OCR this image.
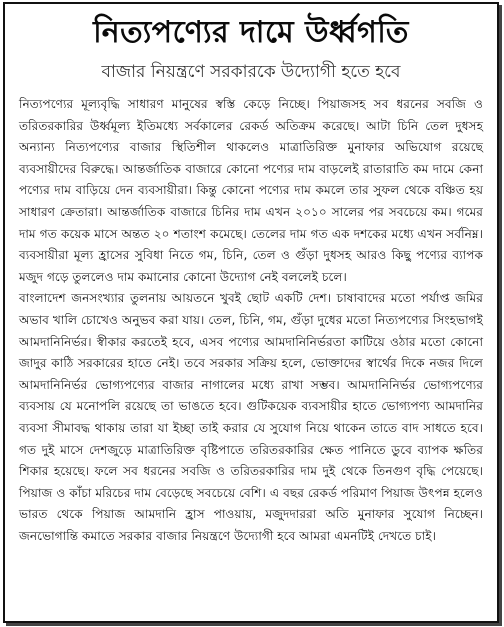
নিত্যপণ্যের দামে উর্ধ্বগতি
বাজার নিয়ন্ত্রণে সরকারকে উদ্যোগী হতে হবে

নিত্যপণ্যের মূল্যবৃদ্ধি সাধারণ মানুষের স্বস্তি কেড়ে নিচ্ছে। পিয়াজসহ সব ধরনের সবজি ও তরিতরকারির উর্ধ্বমূল্য ইতিমধ্যে সর্বকালের রেকর্ড অতিক্রম করেছে। আটা চিনি তেল দুধসহ অন্যান্য নিত্যপণ্যের বাজার স্থিতিশীল থাকলেও মাত্রাতিরিক্ত মুনাফার অভিযোগ রয়েছে ব্যবসায়ীদের বিরুদ্ধে। আন্তর্জাতিক বাজারে কোনো পণ্যের দাম বাড়লেই রাতারাতি কম দামে কেনা পণ্যের দাম বাড়িয়ে দেন ব্যবসায়ীরা। কিন্তু কোনো পণ্যের দাম কমলে তার সুফল থেকে বঞ্চিত হয় সাধারণ ক্রেতারা। আন্তর্জাতিক বাজারে চিনির দাম এখন ২০১০ সালের পর সবচেয়ে কম। গমের দাম গত কয়েক মাসে অন্তত ২০ শতাংশ কমেছে। তেলের দাম গত এক দশকের মধ্যে এখন সর্বনিম্ন। ব্যবসায়ীরা মূল্য হ্রাসের সুবিধা নিতে গম, চিনি, তেল ও গুঁড়া দুধসহ আরও কিছু পণ্যের ব্যাপক মজুদ গড়ে তুললেও দাম কমানোর কোনো উদ্যোগ নেই বললেই চলে।

বাংলাদেশ জনসংখ্যার তুলনায় আয়তনে খুবই ছোট একটি দেশ। চাষাবাদের মতো পর্যাপ্ত জমির অভাব খালি চোখেও অনুভব করা যায়। তেল, চিনি, গম, গুঁড়া দুধের মতো নিত্যপণ্যের সিংহভাগই আমদানিনির্ভর। স্বীকার করতেই হবে, এসব পণ্যের আমদানিনির্ভরতা কাটিয়ে ওঠার মতো কোনো জাদুর কাঠি সরকারের হাতে নেই। তবে সরকার সক্রিয় হলে, ভোক্তাদের স্বার্থের দিকে নজর দিলে আমদানিনির্ভর ভোগ্যপণ্যের বাজার নাগালের মধ্যে রাখা সম্ভব। আমদানিনির্ভর ভোগ্যপণ্যের ব্যবসায় যে মনোপলি রয়েছে তা ভাঙতে হবে। গুটিকয়েক ব্যবসায়ীর হাতে ভোগ্যপণ্য আমদানির ব্যবসা সীমাবদ্ধ থাকায় তারা যা ইচ্ছা তাই করার যে সুযোগ নিয়ে থাকেন তাতে বাদ সাধতে হবে। গত দুই মাসে দেশজুড়ে মাত্রাতিরিক্ত বৃষ্টিপাতে তরিতরকারির ক্ষেত পানিতে ডুবে ব্যাপক ক্ষতির শিকার হয়েছে। ফলে সব ধরনের সবজি ও তরিতরকারির দাম দুই থেকে তিনগুণ বৃদ্ধি পেয়েছে। পিয়াজ ও কাঁচা মরিচের দাম বেড়েছে সবচেয়ে বেশি। এ বছর রেকর্ড পরিমাণ পিয়াজ উৎপন্ন হলেও ভারত থেকে পিয়াজ আমদানি হ্রাস পাওয়ায়, মজুদদাররা অতি মুনাফার সুযোগ নিচ্ছেন। জনভোগান্তি কমাতে সরকার বাজার নিয়ন্ত্রণে উদ্যোগী হবে আমরা এমনটিই দেখতে চাই।
